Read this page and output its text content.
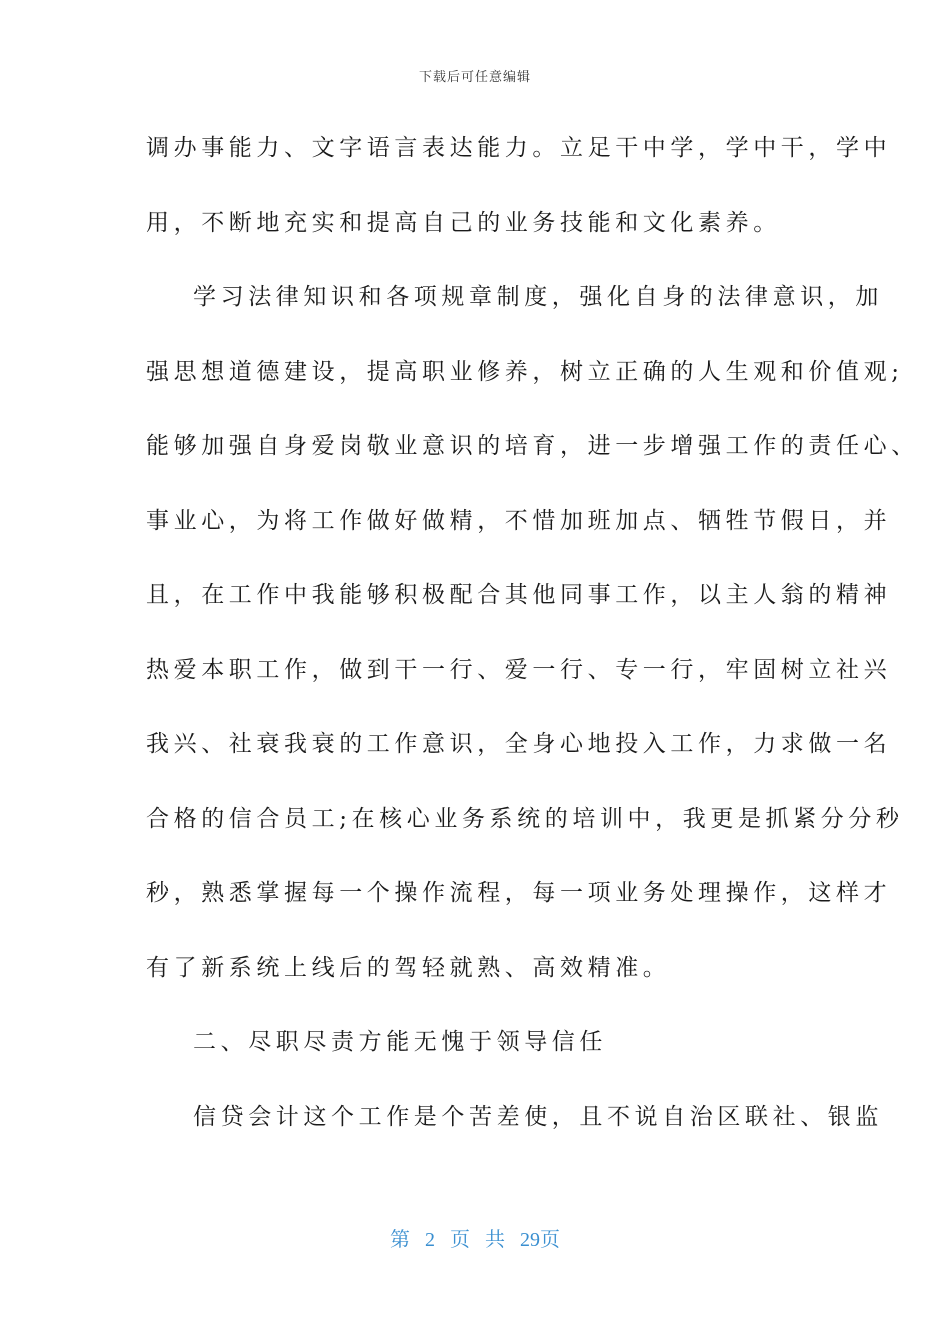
下载后可任意编辑
调办事能力、文字语言表达能力。立足干中学，学中干，学中
用，不断地充实和提高自己的业务技能和文化素养。
学习法律知识和各项规章制度，强化自身的法律意识，加
强思想道德建设，提高职业修养，树立正确的人生观和价值观;
能够加强自身爱岗敬业意识的培育，进一步增强工作的责任心、
事业心，为将工作做好做精，不惜加班加点、牺牲节假日，并
且，在工作中我能够积极配合其他同事工作，以主人翁的精神
热爱本职工作，做到干一行、爱一行、专一行，牢固树立社兴
我兴、社衰我衰的工作意识，全身心地投入工作，力求做一名
合格的信合员工;在核心业务系统的培训中，我更是抓紧分分秒
秒，熟悉掌握每一个操作流程，每一项业务处理操作，这样才
有了新系统上线后的驾轻就熟、高效精准。
二、尽职尽责方能无愧于领导信任
信贷会计这个工作是个苦差使，且不说自治区联社、银监
第 2 页 共 29页
